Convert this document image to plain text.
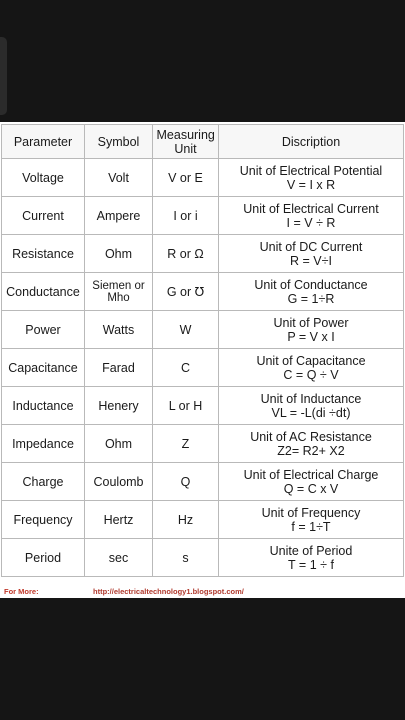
Parameter	Symbol	Measuring Unit	Discription
Voltage	Volt	V or E	Unit of Electrical Potential
V = I x R

Current	Ampere	I or i	Unit of Electrical Current
I = V ÷ R

Resistance	Ohm	R or Ω	Unit of DC Current
R = V÷I

Conductance	Siemen or Mho	G or ℧	Unit of Conductance
G = 1÷R

Power	Watts	W	Unit of Power
P = V x I

Capacitance	Farad	C	Unit of Capacitance
C = Q ÷ V

Inductance	Henery	L or H	Unit of Inductance
VL = -L(di ÷dt)

Impedance	Ohm	Z	Unit of AC Resistance
Z2= R2+ X2

Charge	Coulomb	Q	Unit of Electrical Charge
Q = C x V

Frequency	Hertz	Hz	Unit of Frequency
f = 1÷T

Period	sec	s	Unite of Period
T = 1 ÷ f
For More:	http://electricaltechnology1.blogspot.com/
